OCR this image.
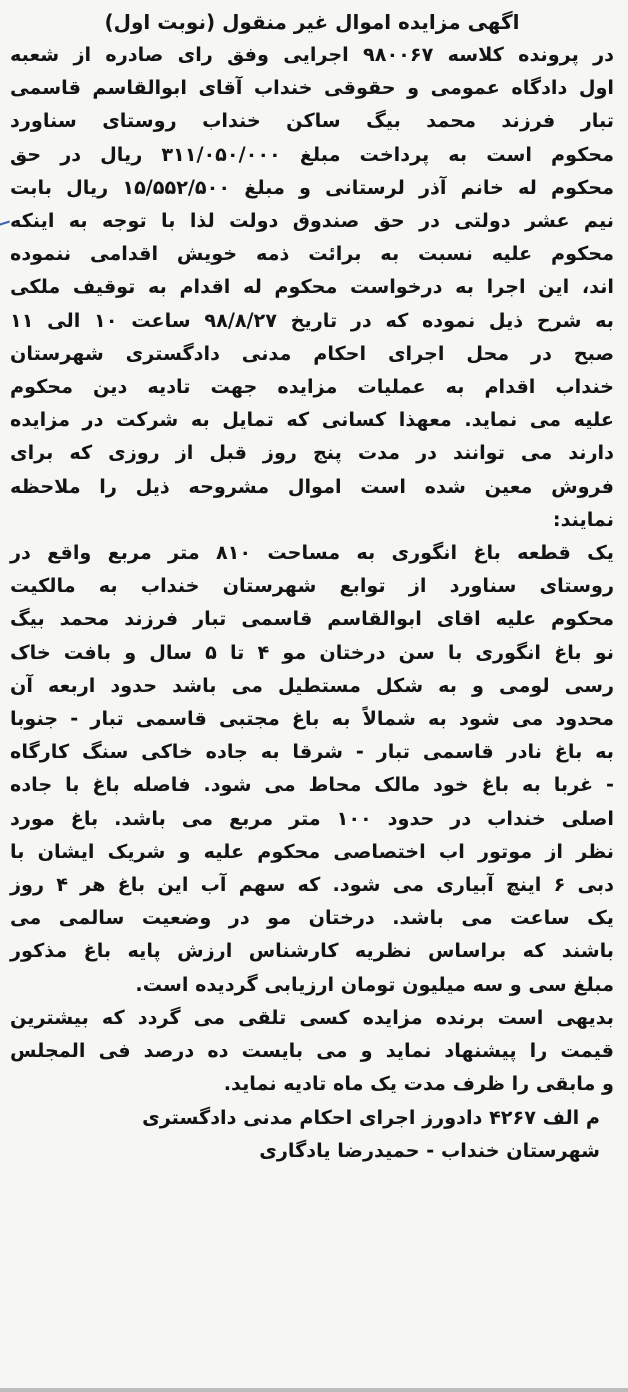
اگهی مزایده اموال غیر منقول (نوبت اول)
در پرونده کلاسه ۹۸۰۰۶۷ اجرایی وفق رای صادره از شعبه
اول دادگاه عمومی و حقوقی خنداب آقای ابوالقاسم قاسمی
تبار فرزند محمد بیگ ساکن خنداب روستای سناورد
محکوم است به پرداخت مبلغ ۳۱۱/۰۵۰/۰۰۰ ریال در حق
محکوم له خانم آذر لرستانی و مبلغ ۱۵/۵۵۲/۵۰۰ ریال بابت
نیم عشر دولتی در حق صندوق دولت لذا با توجه به اینکه
محکوم علیه نسبت به برائت ذمه خویش اقدامی ننموده
اند، این اجرا به درخواست محکوم له اقدام به توقیف ملکی
به شرح ذیل نموده که در تاریخ ۹۸/۸/۲۷ ساعت ۱۰ الی ۱۱
صبح در محل اجرای احکام مدنی دادگستری شهرستان
خنداب اقدام به عملیات مزایده جهت تادیه دین محکوم
علیه می نماید. معهذا کسانی که تمایل به شرکت در مزایده
دارند می توانند در مدت پنج روز قبل از روزی که برای
فروش معین شده است اموال مشروحه ذیل را ملاحظه
نمایند:
یک قطعه باغ انگوری به مساحت ۸۱۰ متر مربع واقع در
روستای سناورد از توابع شهرستان خنداب به مالکیت
محکوم علیه اقای ابوالقاسم قاسمی تبار فرزند محمد بیگ
نو باغ انگوری با سن درختان مو ۴ تا ۵ سال و بافت خاک
رسی لومی و به شکل مستطیل می باشد حدود اربعه آن
محدود می شود به شمالاً به باغ مجتبی قاسمی تبار - جنوبا
به باغ نادر قاسمی تبار - شرقا به جاده خاکی سنگ کارگاه
- غربا به باغ خود مالک محاط می شود. فاصله باغ با جاده
اصلی خنداب در حدود ۱۰۰ متر مربع می باشد. باغ مورد
نظر از موتور اب اختصاصی محکوم علیه و شریک ایشان با
دبی ۶ اینچ آبیاری می شود. که سهم آب این باغ هر ۴ روز
یک ساعت می باشد. درختان مو در وضعیت سالمی می
باشند که براساس نظریه کارشناس ارزش پایه باغ مذکور
مبلغ سی و سه میلیون تومان ارزیابی گردیده است.
بدیهی است برنده مزایده کسی تلقی می گردد که بیشترین
قیمت را پیشنهاد نماید و می بایست ده درصد فی المجلس
و مابقی را ظرف مدت یک ماه تادیه نماید.
م الف ۴۲۶۷ دادورز اجرای احکام مدنی دادگستری
شهرستان خنداب - حمیدرضا یادگاری
